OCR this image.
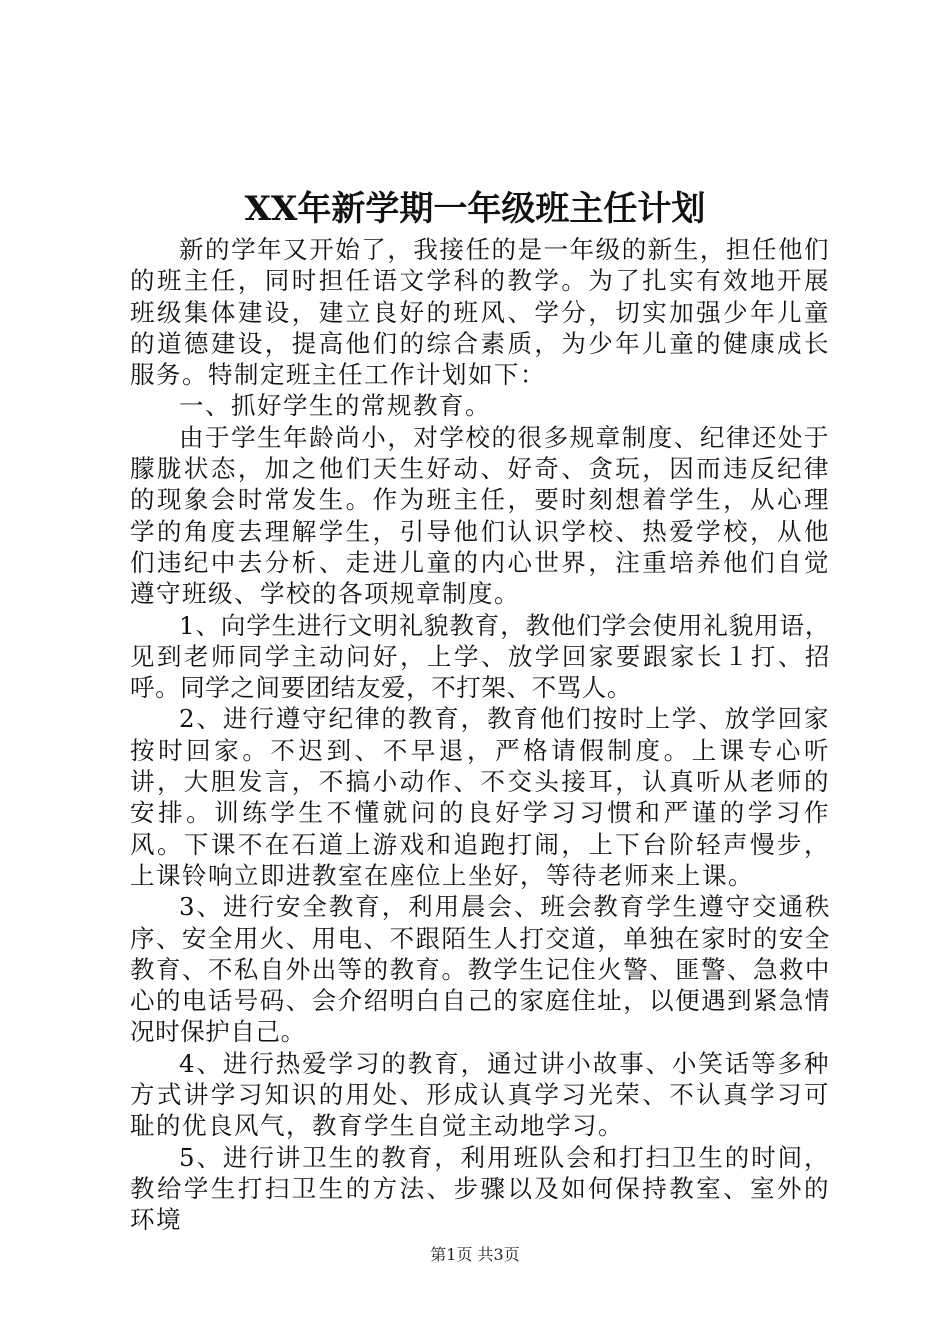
XX年新学期一年级班主任计划

新的学年又开始了，我接任的是一年级的新生，担任他们的班主任，同时担任语文学科的教学。为了扎实有效地开展班级集体建设，建立良好的班风、学分，切实加强少年儿童的道德建设，提高他们的综合素质，为少年儿童的健康成长服务。特制定班主任工作计划如下：

一、抓好学生的常规教育。

由于学生年龄尚小，对学校的很多规章制度、纪律还处于朦胧状态，加之他们天生好动、好奇、贪玩，因而违反纪律的现象会时常发生。作为班主任，要时刻想着学生，从心理学的角度去理解学生，引导他们认识学校、热爱学校，从他们违纪中去分析、走进儿童的内心世界，注重培养他们自觉遵守班级、学校的各项规章制度。

1、向学生进行文明礼貌教育，教他们学会使用礼貌用语，见到老师同学主动问好，上学、放学回家要跟家长１打、招呼。同学之间要团结友爱，不打架、不骂人。

2、进行遵守纪律的教育，教育他们按时上学、放学回家按时回家。不迟到、不早退，严格请假制度。上课专心听讲，大胆发言，不搞小动作、不交头接耳，认真听从老师的安排。训练学生不懂就问的良好学习习惯和严谨的学习作风。下课不在石道上游戏和追跑打闹，上下台阶轻声慢步，上课铃响立即进教室在座位上坐好，等待老师来上课。

3、进行安全教育，利用晨会、班会教育学生遵守交通秩序、安全用火、用电、不跟陌生人打交道，单独在家时的安全教育、不私自外出等的教育。教学生记住火警、匪警、急救中心的电话号码、会介绍明白自己的家庭住址，以便遇到紧急情况时保护自己。

4、进行热爱学习的教育，通过讲小故事、小笑话等多种方式讲学习知识的用处、形成认真学习光荣、不认真学习可耻的优良风气，教育学生自觉主动地学习。

5、进行讲卫生的教育，利用班队会和打扫卫生的时间，教给学生打扫卫生的方法、步骤以及如何保持教室、室外的环境

第1页 共3页
